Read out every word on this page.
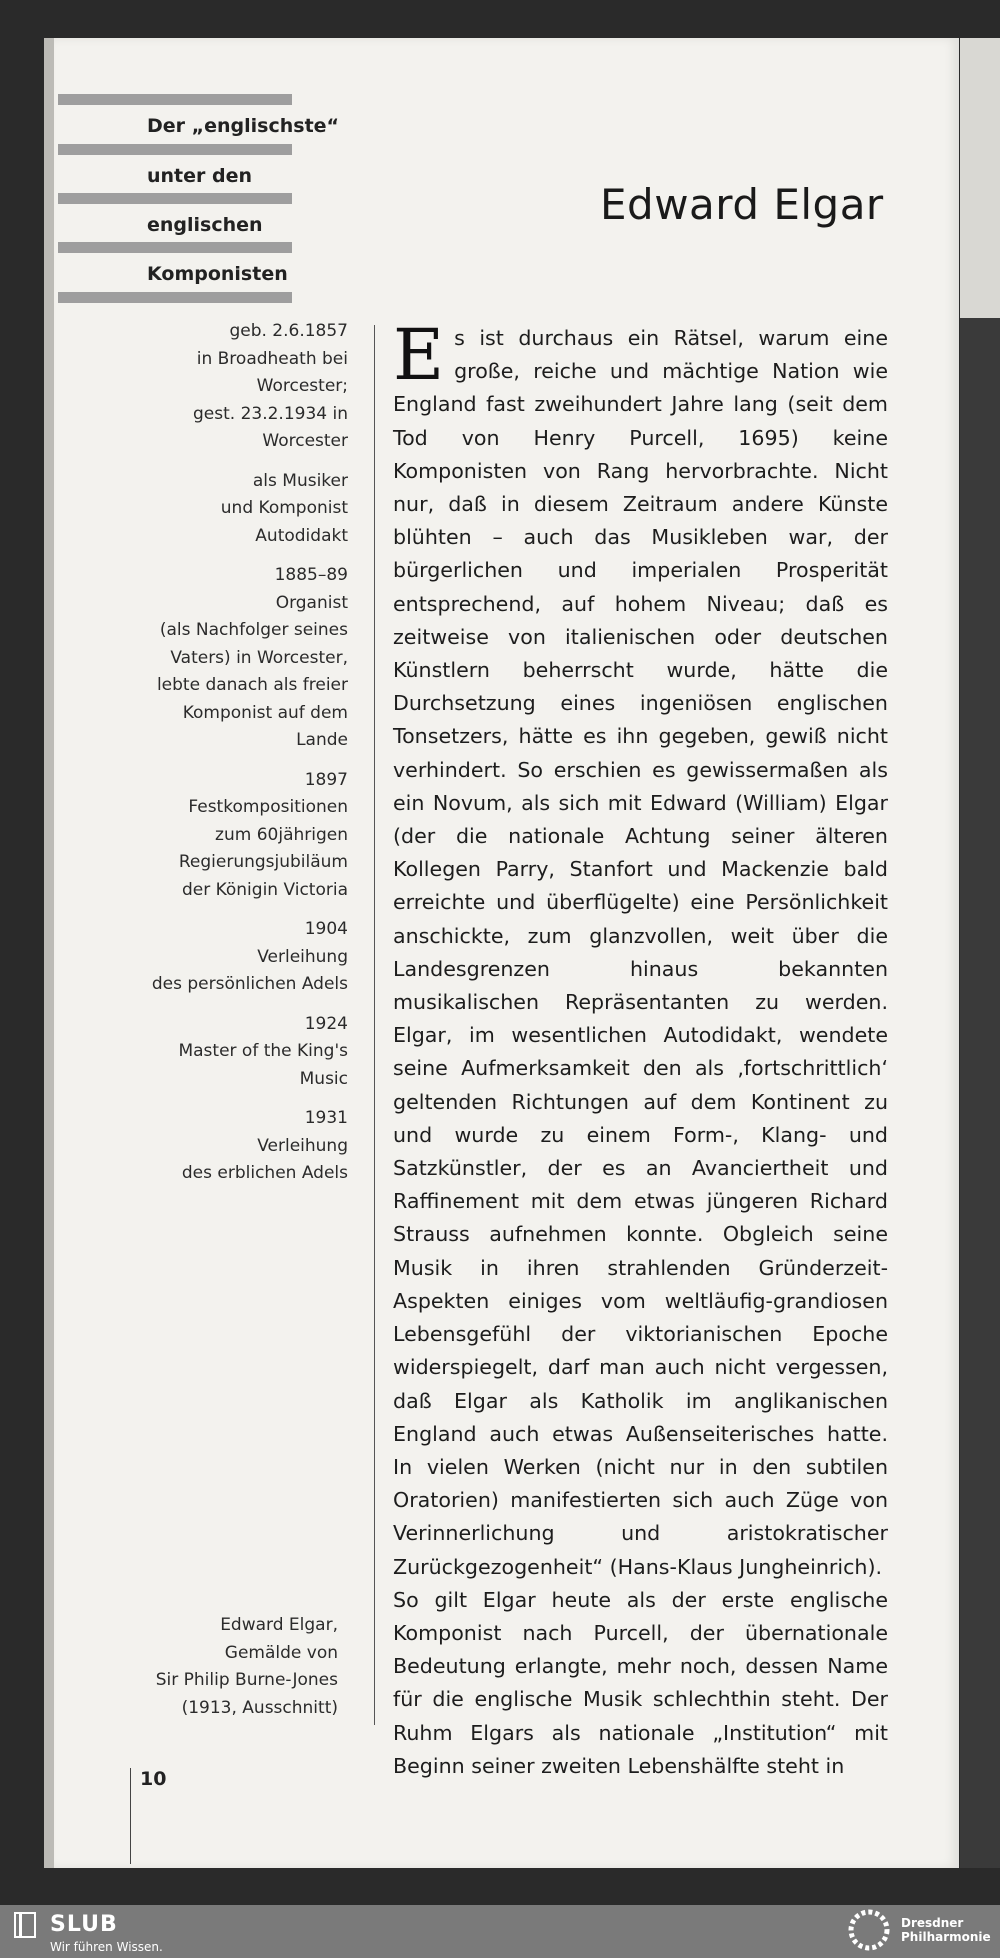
Der „englischste“
unter den
englischen
Komponisten
Edward Elgar
geb. 2.6.1857
in Broadheath bei
Worcester;
gest. 23.2.1934 in
Worcester
als Musiker
und Komponist
Autodidakt
1885–89
Organist
(als Nachfolger seines
Vaters) in Worcester,
lebte danach als freier
Komponist auf dem
Lande
1897
Festkompositionen
zum 60jährigen
Regierungsjubiläum
der Königin Victoria
1904
Verleihung
des persönlichen Adels
1924
Master of the King's
Music
1931
Verleihung
des erblichen Adels

Es ist durchaus ein Rätsel, warum eine große, reiche und mächtige Nation wie England fast zweihundert Jahre lang (seit dem Tod von Henry Purcell, 1695) keine Komponisten von Rang hervorbrachte. Nicht nur, daß in diesem Zeitraum andere Künste blühten – auch das Musikleben war, der bürgerlichen und imperialen Prosperität entsprechend, auf hohem Niveau; daß es zeitweise von italienischen oder deutschen Künstlern beherrscht wurde, hätte die Durchsetzung eines ingeniösen englischen Tonsetzers, hätte es ihn gegeben, gewiß nicht verhindert. So erschien es gewissermaßen als ein Novum, als sich mit Edward (William) Elgar (der die nationale Achtung seiner älteren Kollegen Parry, Stanfort und Mackenzie bald erreichte und überflügelte) eine Persönlichkeit anschickte, zum glanzvollen, weit über die Landesgrenzen hinaus bekannten musikalischen Repräsentanten zu werden. Elgar, im wesentlichen Autodidakt, wendete seine Aufmerksamkeit den als ‚fortschrittlich‘ geltenden Richtungen auf dem Kontinent zu und wurde zu einem Form-, Klang- und Satzkünstler, der es an Avanciertheit und Raffinement mit dem etwas jüngeren Richard Strauss aufnehmen konnte. Obgleich seine Musik in ihren strahlenden Gründerzeit-Aspekten einiges vom weltläufig-grandiosen Lebensgefühl der viktorianischen Epoche widerspiegelt, darf man auch nicht vergessen, daß Elgar als Katholik im anglikanischen England auch etwas Außenseiterisches hatte. In vielen Werken (nicht nur in den subtilen Oratorien) manifestierten sich auch Züge von Verinnerlichung und aristokratischer Zurückgezogenheit“ (Hans-Klaus Jungheinrich).

So gilt Elgar heute als der erste englische Komponist nach Purcell, der übernationale Bedeutung erlangte, mehr noch, dessen Name für die englische Musik schlechthin steht. Der Ruhm Elgars als nationale „Institution“ mit Beginn seiner zweiten Lebenshälfte steht in

Edward Elgar,
Gemälde von
Sir Philip Burne-Jones
(1913, Ausschnitt)
10
SLUB
Wir führen Wissen.
Dresdner
Philharmonie
